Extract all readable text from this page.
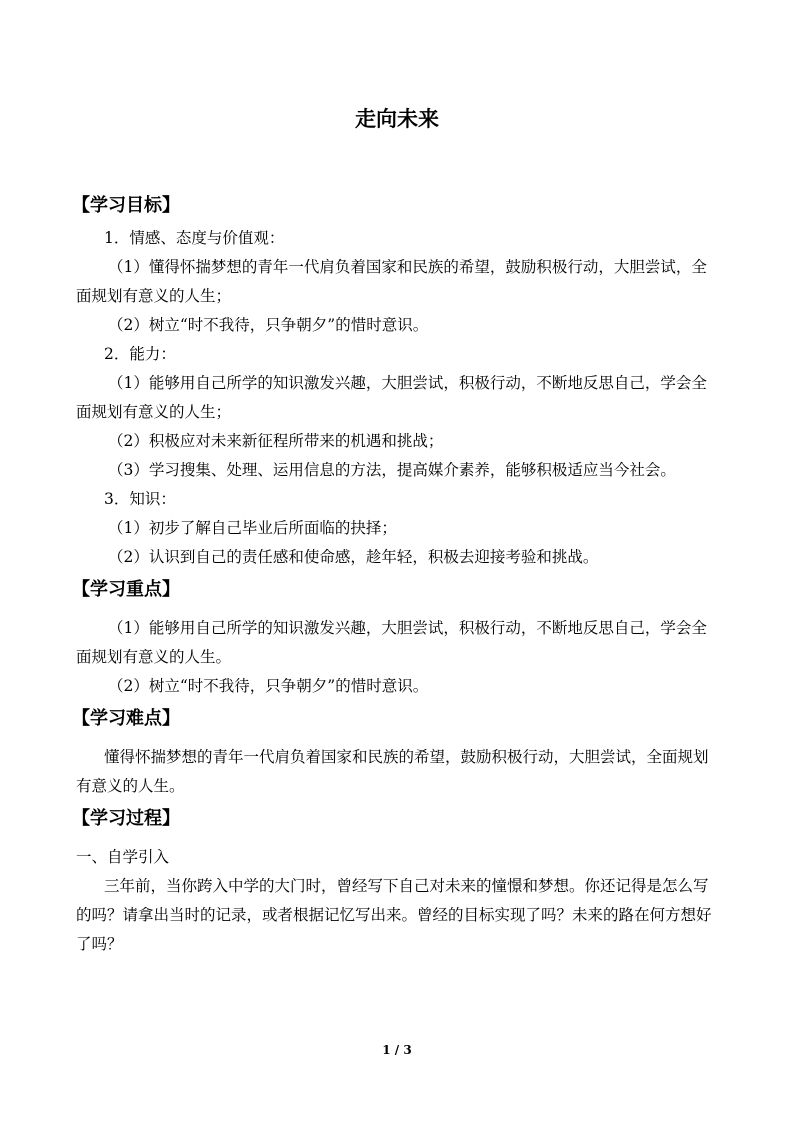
走向未来
【学习目标】
1．情感、态度与价值观：
（1）懂得怀揣梦想的青年一代肩负着国家和民族的希望，鼓励积极行动，大胆尝试，全面规划有意义的人生；
（2）树立“时不我待，只争朝夕”的惜时意识。
2．能力：
（1）能够用自己所学的知识激发兴趣，大胆尝试，积极行动，不断地反思自己，学会全面规划有意义的人生；
（2）积极应对未来新征程所带来的机遇和挑战；
（3）学习搜集、处理、运用信息的方法，提高媒介素养，能够积极适应当今社会。
3．知识：
（1）初步了解自己毕业后所面临的抉择；
（2）认识到自己的责任感和使命感，趁年轻，积极去迎接考验和挑战。
【学习重点】
（1）能够用自己所学的知识激发兴趣，大胆尝试，积极行动，不断地反思自己，学会全面规划有意义的人生。
（2）树立“时不我待，只争朝夕”的惜时意识。
【学习难点】
懂得怀揣梦想的青年一代肩负着国家和民族的希望，鼓励积极行动，大胆尝试，全面规划有意义的人生。
【学习过程】
一、自学引入
三年前，当你跨入中学的大门时，曾经写下自己对未来的憧憬和梦想。你还记得是怎么写的吗？请拿出当时的记录，或者根据记忆写出来。曾经的目标实现了吗？未来的路在何方想好了吗？
1 / 3
